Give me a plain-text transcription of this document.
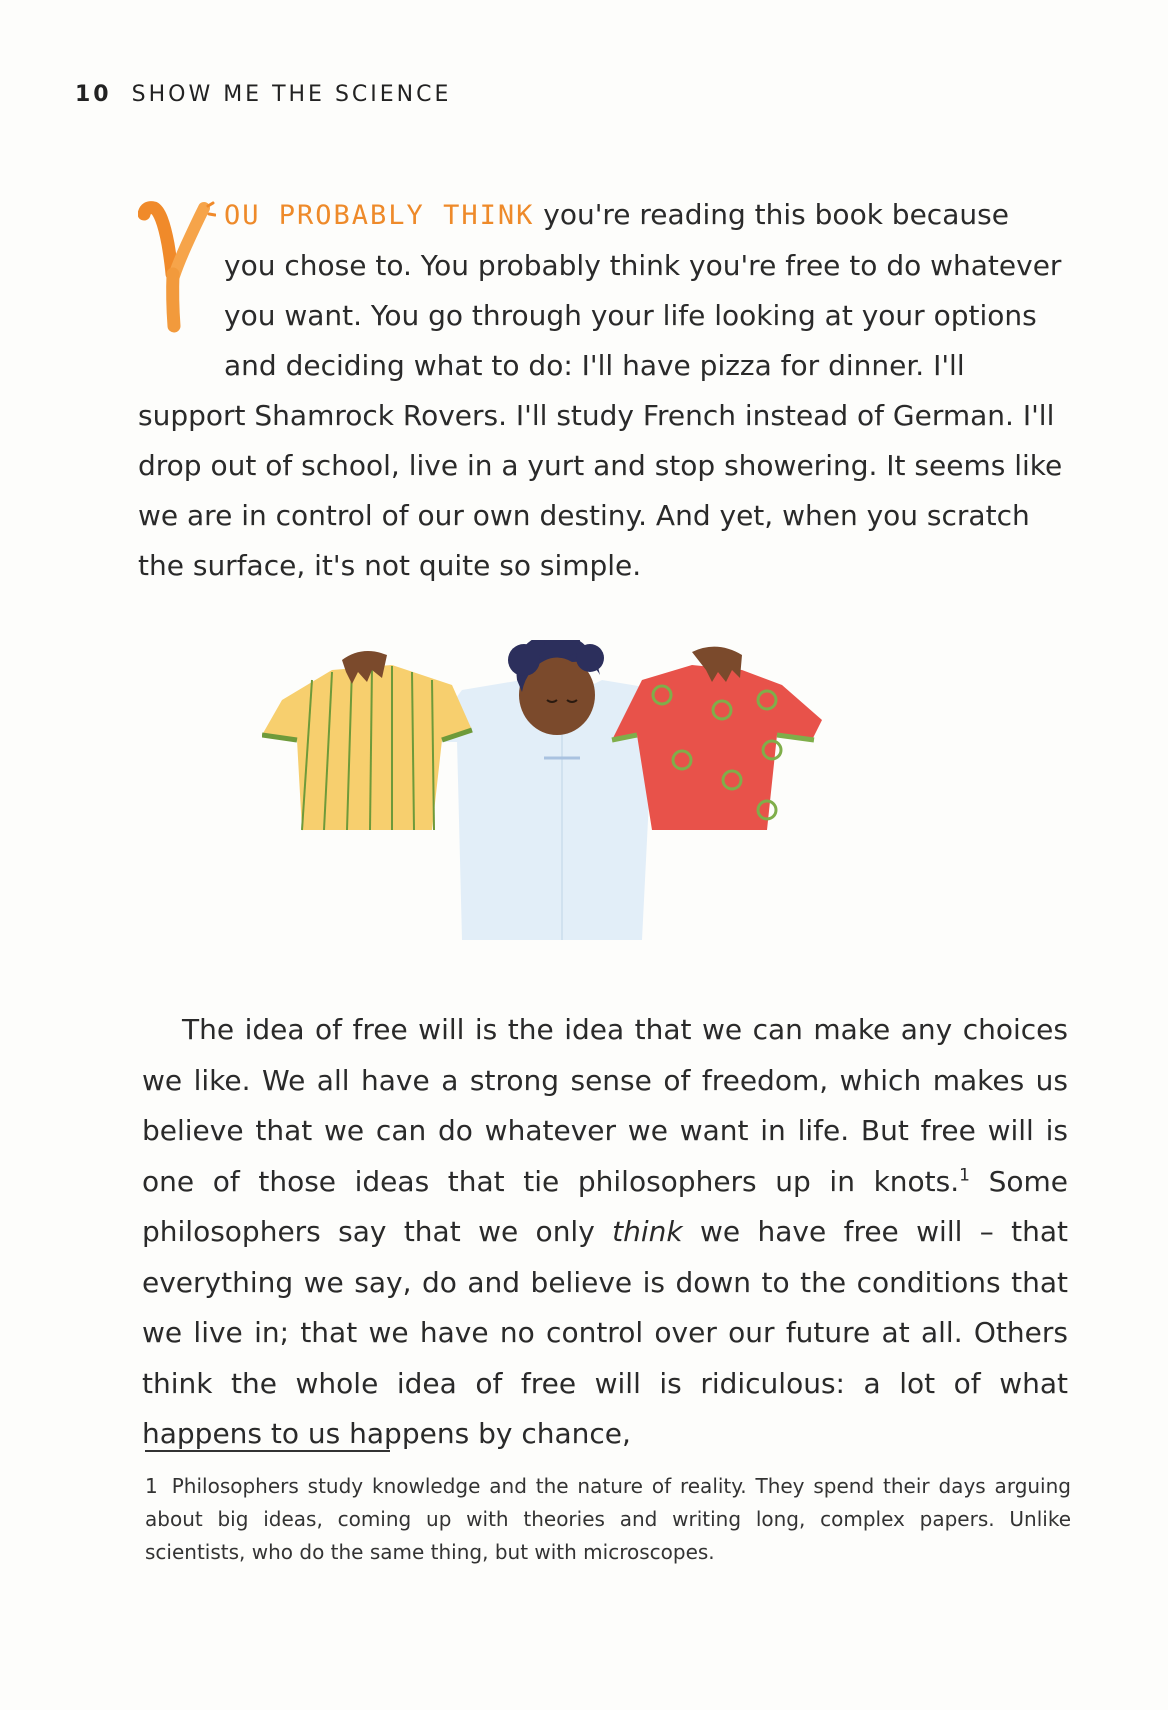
10 SHOW ME THE SCIENCE
OU PROBABLY THINK you're reading this book because you chose to. You probably think you're free to do whatever you want. You go through your life looking at your options and deciding what to do: I'll have pizza for dinner. I'll support Shamrock Rovers. I'll study French instead of German. I'll drop out of school, live in a yurt and stop showering. It seems like we are in control of our own destiny. And yet, when you scratch the surface, it's not quite so simple.
The idea of free will is the idea that we can make any choices we like. We all have a strong sense of freedom, which makes us believe that we can do whatever we want in life. But free will is one of those ideas that tie philosophers up in knots.$^1$ Some philosophers say that we only think we have free will – that everything we say, do and believe is down to the conditions that we live in; that we have no control over our future at all. Others think the whole idea of free will is ridiculous: a lot of what happens to us happens by chance,
1 Philosophers study knowledge and the nature of reality. They spend their days arguing about big ideas, coming up with theories and writing long, complex papers. Unlike scientists, who do the same thing, but with microscopes.
